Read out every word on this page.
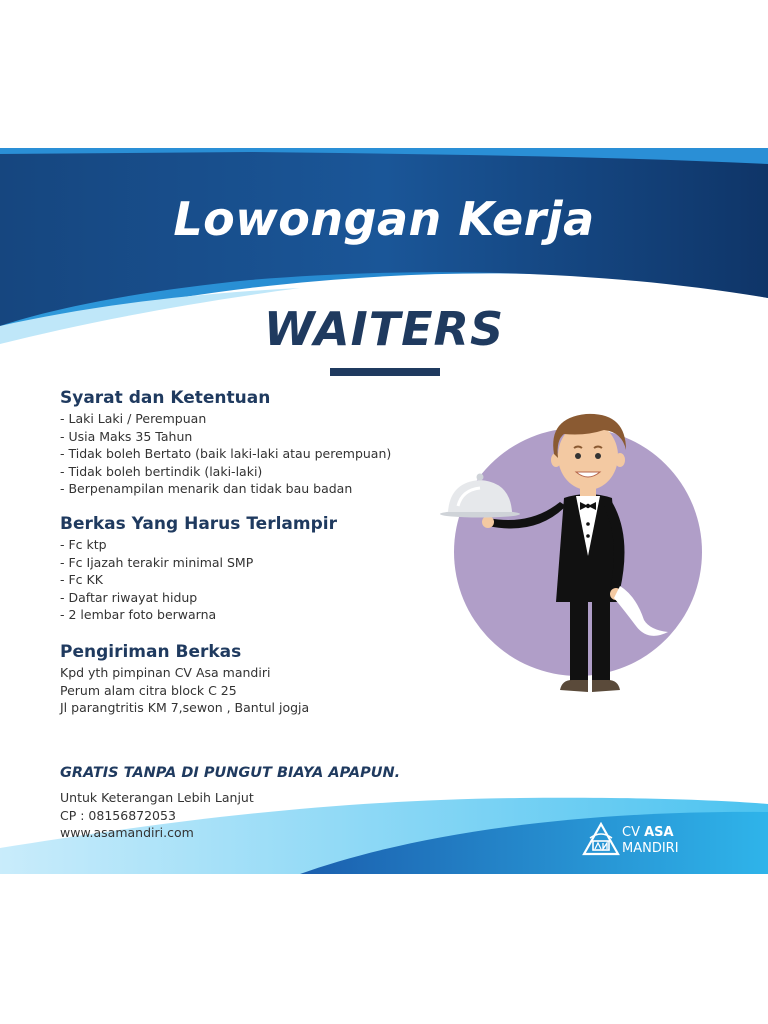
Lowongan Kerja
WAITERS
Syarat dan Ketentuan
- Laki Laki / Perempuan
- Usia Maks 35 Tahun
- Tidak boleh Bertato (baik laki-laki atau perempuan)
- Tidak boleh bertindik (laki-laki)
- Berpenampilan menarik dan tidak bau badan
Berkas Yang Harus Terlampir
- Fc ktp
- Fc Ijazah terakir minimal SMP
- Fc KK
- Daftar riwayat hidup
- 2 lembar foto berwarna
Pengiriman Berkas
Kpd yth pimpinan CV Asa mandiri
Perum alam citra block C 25
Jl parangtritis KM 7,sewon , Bantul jogja
GRATIS TANPA DI PUNGUT BIAYA APAPUN.
Untuk Keterangan Lebih Lanjut
CP : 08156872053
www.asamandiri.com	CV ASA
MANDIRI
